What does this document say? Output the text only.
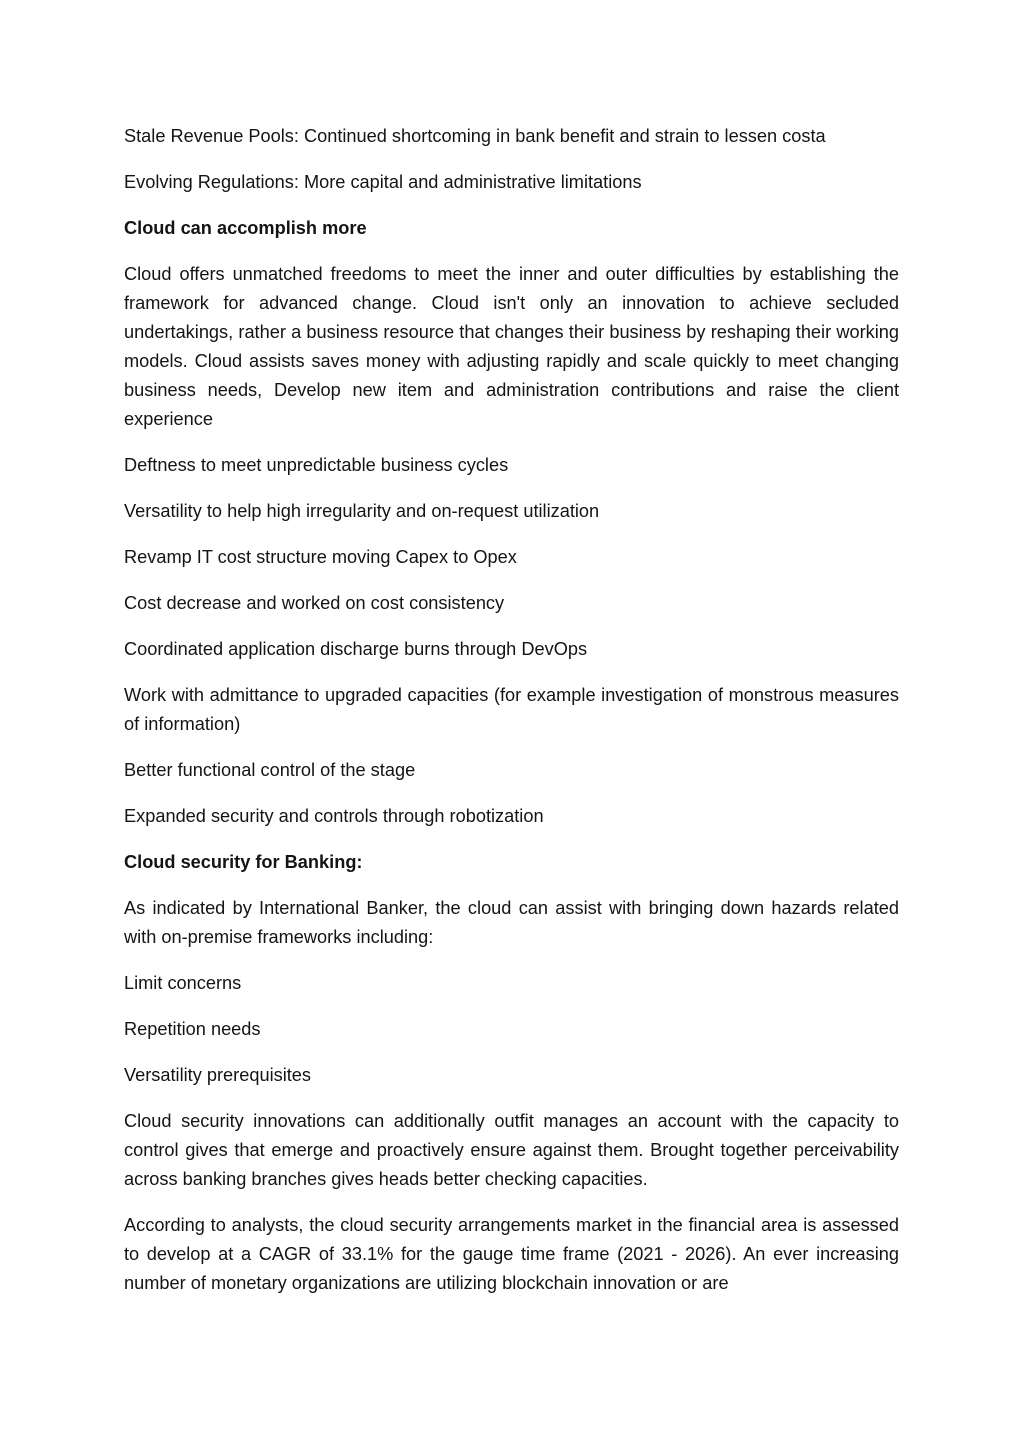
Stale Revenue Pools: Continued shortcoming in bank benefit and strain to lessen costa

Evolving Regulations: More capital and administrative limitations

Cloud can accomplish more

Cloud offers unmatched freedoms to meet the inner and outer difficulties by establishing the framework for advanced change. Cloud isn't only an innovation to achieve secluded undertakings, rather a business resource that changes their business by reshaping their working models. Cloud assists saves money with adjusting rapidly and scale quickly to meet changing business needs, Develop new item and administration contributions and raise the client experience

Deftness to meet unpredictable business cycles

Versatility to help high irregularity and on-request utilization

Revamp IT cost structure moving Capex to Opex

Cost decrease and worked on cost consistency

Coordinated application discharge burns through DevOps

Work with admittance to upgraded capacities (for example investigation of monstrous measures of information)

Better functional control of the stage

Expanded security and controls through robotization

Cloud security for Banking:

As indicated by International Banker, the cloud can assist with bringing down hazards related with on-premise frameworks including:

Limit concerns

Repetition needs

Versatility prerequisites

Cloud security innovations can additionally outfit manages an account with the capacity to control gives that emerge and proactively ensure against them. Brought together perceivability across banking branches gives heads better checking capacities.

According to analysts, the cloud security arrangements market in the financial area is assessed to develop at a CAGR of 33.1% for the gauge time frame (2021 - 2026). An ever increasing number of monetary organizations are utilizing blockchain innovation or are
